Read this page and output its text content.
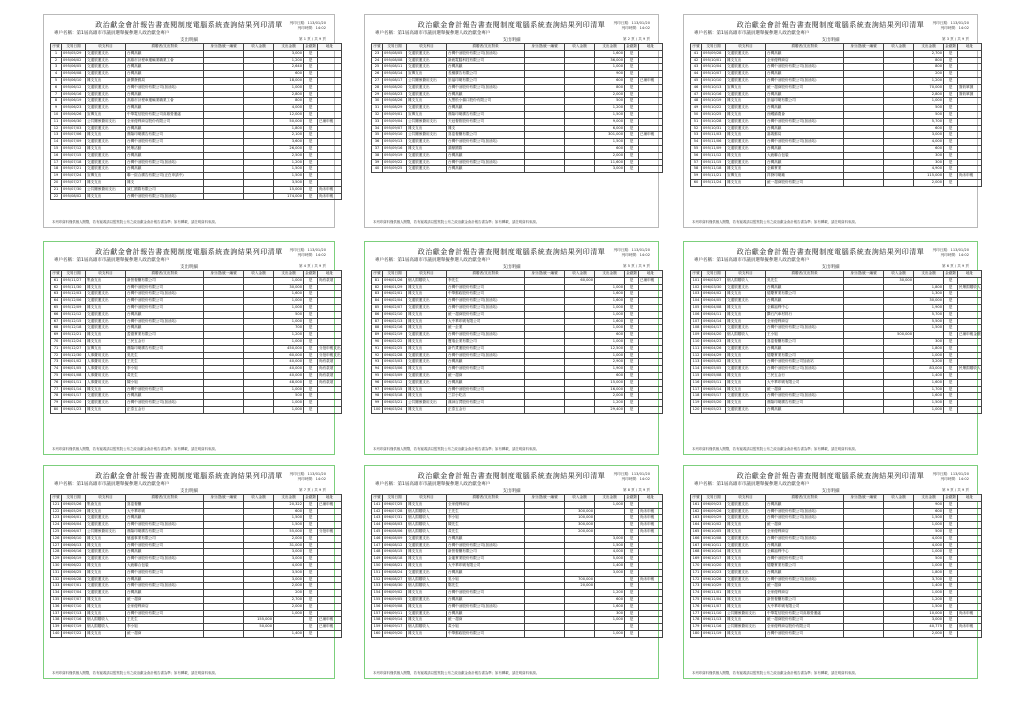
政治獻金會計報告書查閱制度電腦系統查詢結果列印清單
專戶名稱：第1屆高雄市市議員選舉擬參選人政治獻金專戶
支出明細
列印日期：113/01/20
列印時間：14:02
第 1 頁 / 共 9 頁
序號	交易日期	收支科目	捐贈者/支出對象	身分證/統一編號	收入金額	支出金額	金錢類	地址
1	095/05/29	交通旅運支出	台灣高鐵			3,000	是	
2	095/06/02	交通旅運支出	高雄市計程車運輸業職業工會			1,200	是	
3	095/06/05	交通旅運支出	台灣高鐵			2,640	是	
4	095/06/08	交通旅運支出	台灣高鐵			600	是	
5	095/06/10	雜支支出	新開發郵局			18,000	是	
6	095/06/12	交通旅運支出	台灣中油股份有限公司(加油站)			1,000	是	
7	095/06/16	交通旅運支出	台灣高鐵			2,800	是	
8	095/06/19	交通旅運支出	高雄市計程車運輸業職業工會			800	是	
9	095/06/23	交通旅運支出	台灣高鐵			4,000	是	
10	095/06/26	宣傳支出	中華電信股份有限公司高雄營運處			12,000	是	
11	095/06/30	公共關係費用支出	全家便利商店股份有限公司			50,000	是	已補申報
12	095/07/03	交通旅運支出	台灣高鐵			1,800	是	
13	095/07/06	雜支支出	鼎隆印刷廣告有限公司			2,100	是	
14	095/07/09	交通旅運支出	台灣中油股份有限公司			3,600	是	
15	095/07/12	雜支支出	民眾活動			26,000	是	
16	095/07/15	交通旅運支出	台灣高鐵			2,500	是	
17	095/07/18	交通旅運支出	台灣中油股份有限公司(加油站)			1,200	是	
18	095/07/21	交通旅運支出	台灣高鐵			1,500	是	
19	095/07/24	宣傳支出	聯一綜合廣告有限公司(正在申請中)			1,500	是	
20	095/07/27	雜支支出	雜支			3,500	是	
21	095/07/30	公共關係費用支出	誠仁國際有限公司			15,000	是	尚未申報
22	095/08/02	雜支支出	台灣中油股份有限公司(加油站)			174,000	是	尚未申報
本列印資料僅供個人閱覽，若有疑義請以監察院公布之政治獻金會計報告書為準；如有轉載，請註明資料來源。
政治獻金會計報告書查閱制度電腦系統查詢結果列印清單
專戶名稱：第1屆高雄市市議員選舉擬參選人政治獻金專戶
支出明細
列印日期：113/01/20
列印時間：14:02
第 2 頁 / 共 9 頁
序號	交易日期	收支科目	捐贈者/支出對象	身分證/統一編號	收入金額	支出金額	金錢類	地址
23	095/08/05	交通旅運支出	台灣中油股份有限公司(加油站)			1,600	是	
24	095/08/08	交通旅運支出	新統電腦科技有限公司			36,000	是	
25	095/08/11	交通旅運支出	台灣高鐵			1,000	是	
26	095/08/14	宣傳支出	長穗廣告有限公司			900	是	
27	095/08/17	公共關係費用支出	崇福印刷有限公司			600	是	已補申報
28	095/08/20	交通旅運支出	台灣中油股份有限公司(加油站)			800	是	
29	095/08/23	交通旅運支出	台灣高鐵			2,000	是	
30	095/08/26	雜支支出	大黑松小倆口股份有限公司			500	是	
31	095/08/29	交通旅運支出	台灣高鐵			1,200	是	
32	095/09/01	宣傳支出	鼎隆印刷廣告有限公司			1,500	是	
33	095/09/04	公共關係費用支出	天冠餐飲股份有限公司			9,000	是	
34	095/09/07	雜支支出	雜支			6,000	是	
35	095/09/10	公共關係費用支出	喜宴餐廳有限公司			301,000	是	已補申報
36	095/09/13	交通旅運支出	台灣中油股份有限公司(加油站)			1,500	是	
37	095/09/16	雜支支出	鴻鼎國際			600	是	
38	095/09/19	交通旅運支出	台灣高鐵			2,000	是	
39	095/09/22	交通旅運支出	台灣中油股份有限公司(加油站)			11,600	是	
40	095/09/25	交通旅運支出	台灣高鐵			3,000	是	
本列印資料僅供個人閱覽，若有疑義請以監察院公布之政治獻金會計報告書為準；如有轉載，請註明資料來源。
政治獻金會計報告書查閱制度電腦系統查詢結果列印清單
專戶名稱：第1屆高雄市市議員選舉擬參選人政治獻金專戶
支出明細
列印日期：113/01/20
列印時間：14:02
第 3 頁 / 共 9 頁
序號	交易日期	收支科目	捐贈者/支出對象	身分證/統一編號	收入金額	支出金額	金錢類	地址
41	095/09/28	交通旅運支出	台灣高鐵			2,700	是	
42	095/10/01	雜支支出	全家便利商店			800	是	
43	095/10/04	交通旅運支出	台灣中油股份有限公司(加油站)			800	是	
44	095/10/07	交通旅運支出	台灣高鐵			200	是	
45	095/10/10	交通旅運支出	台灣中油股份有限公司(加油站)			1,200	是	
46	095/10/13	宣傳支出	統一超商股份有限公司			70,000	是	簽收單據
47	095/10/16	交通旅運支出	台灣高鐵			2,800	是	簽收單據
48	095/10/19	雜支支出	崇福印刷有限公司			1,000	是	
49	095/10/22	交通旅運支出	台灣高鐵			500	是	
50	095/10/25	雜支支出	西螺鎮農會			500	是	
51	095/10/28	交通旅運支出	台灣中油股份有限公司(加油站)			5,700	是	
52	095/10/31	交通旅運支出	台灣高鐵			600	是	
53	095/11/03	雜支支出	嘉義郵局			3,000	是	
54	095/11/06	交通旅運支出	台灣中油股份有限公司(加油站)			4,000	是	
55	095/11/09	交通旅運支出	台灣高鐵			600	是	
56	095/11/12	雜支支出	大統聯合包裝			300	是	
57	095/11/15	交通旅運支出	台灣高鐵			300	是	
58	095/11/18	雜支支出	全聯實業			4,900	是	
59	095/11/21	宣傳支出	祥發印刷廠			115,000	是	尚未申報
60	095/11/24	雜支支出	統一超商股份有限公司			2,000	是	
本列印資料僅供個人閱覽，若有疑義請以監察院公布之政治獻金會計報告書為準；如有轉載，請註明資料來源。
政治獻金會計報告書查閱制度電腦系統查詢結果列印清單
專戶名稱：第1屆高雄市市議員選舉擬參選人政治獻金專戶
支出明細
列印日期：113/01/20
列印時間：14:02
第 4 頁 / 共 9 頁
序號	交易日期	收支科目	捐贈者/支出對象	身分證/統一編號	收入金額	支出金額	金錢類	地址
61	095/11/27	集會支出	新營餐廳有限公司			1,000	是	尚有款項
62	095/11/30	雜支支出	台灣中油股份有限公司			30,000	是	
63	095/12/03	交通旅運支出	台灣中油股份有限公司(加油站)			1,600	是	
64	095/12/06	交通旅運支出	台灣中油股份有限公司			1,000	是	
65	095/12/09	雜支支出	台灣中油股份有限公司			1,000	是	
66	095/12/12	交通旅運支出	台灣高鐵			500	是	
67	095/12/15	交通旅運支出	台灣中油股份有限公司(加油站)			1,000	是	
68	095/12/18	交通旅運支出	台灣高鐵			700	是	
69	095/12/21	雜支支出	盈德實業有限公司			1,200	是	
70	095/12/24	雜支支出	三民五金行			1,000	是	
71	095/12/27	宣傳支出	鼎隆印刷廣告有限公司			450,000	是	分批申報支出
72	095/12/30	人事費用支出	吳先生			60,000	是	分批申報支出
73	096/01/02	人事費用支出	王先生			40,000	是	尚有款項
74	096/01/05	人事費用支出	李小姐			40,000	是	尚有款項
75	096/01/08	人事費用支出	黃先生			40,000	是	尚有款項
76	096/01/11	人事費用支出	陳小姐			48,000	是	尚有款項
77	096/01/14	雜支支出	台灣中油股份有限公司			1,000	是	
78	096/01/17	交通旅運支出	台灣高鐵			500	是	
79	096/01/20	交通旅運支出	台灣中油股份有限公司(加油站)			1,000	是	
80	096/01/23	雜支支出	正泰五金行			1,000	是	
本列印資料僅供個人閱覽，若有疑義請以監察院公布之政治獻金會計報告書為準；如有轉載，請註明資料來源。
政治獻金會計報告書查閱制度電腦系統查詢結果列印清單
專戶名稱：第1屆高雄市市議員選舉擬參選人政治獻金專戶
支出明細
列印日期：113/01/20
列印時間：14:02
第 5 頁 / 共 9 頁
序號	交易日期	收支科目	捐贈者/支出對象	身分證/統一編號	收入金額	支出金額	金錢類	地址
81	096/01/26	個人捐贈收入	李先生		60,000		是	已補申報
82	096/01/29	雜支支出	台灣中油股份有限公司			1,000	是	
83	096/02/01	雜支支出	中華郵政股份有限公司			1,600	是	
84	096/02/04	交通旅運支出	台灣中油股份有限公司(加油站)			1,600	是	
85	096/02/07	交通旅運支出	台灣中油股份有限公司(加油站)			1,000	是	
86	096/02/10	雜支支出	統一超商股份有限公司			1,000	是	
87	096/02/13	雜支支出	大中華印刷有限公司			1,600	是	
88	096/02/16	雜支支出	統一企業			1,000	是	
89	096/02/19	交通旅運支出	台灣中油股份有限公司(加油站)			600	是	
90	096/02/22	雜支支出	寶瑞企業有限公司			1,000	是	
91	096/02/25	雜支支出	新竹貨運股份有限公司			12,500	是	
92	096/02/28	交通旅運支出	台灣中油股份有限公司(加油站)			1,000	是	
93	096/03/03	交通旅運支出	台灣高鐵			2,900	是	
94	096/03/06	雜支支出	台灣中油股份有限公司			1,900	是	
95	096/03/09	交通旅運支出	統一超商			600	是	
96	096/03/12	交通旅運支出	台灣高鐵			15,000	是	
97	096/03/15	雜支支出	台灣中油股份有限公司			16,000	是	
98	096/03/18	雜支支出	三井小吃店			2,000	是	
99	096/03/21	公共關係費用支出	漢神百貨股份有限公司			1,200	是	
100	096/03/24	雜支支出	正泰五金行			29,400	是	
本列印資料僅供個人閱覽，若有疑義請以監察院公布之政治獻金會計報告書為準；如有轉載，請註明資料來源。
政治獻金會計報告書查閱制度電腦系統查詢結果列印清單
專戶名稱：第1屆高雄市市議員選舉擬參選人政治獻金專戶
支出明細
列印日期：113/01/20
列印時間：14:02
第 6 頁 / 共 9 頁
序號	交易日期	收支科目	捐贈者/支出對象	身分證/統一編號	收入金額	支出金額	金錢類	地址
101	096/03/27	個人捐贈收入	吳先生		30,000		是	
102	096/03/30	交通旅運支出	台灣高鐵			1,800	是	民眾捐贈收入
103	096/04/02	雜支支出	德慶實業有限公司			1,300	是	
104	096/04/05	交通旅運支出	台灣高鐵			30,000	是	
105	096/04/08	雜支支出	全聯福利中心			1,900	是	
106	096/04/11	雜支支出	鑽石汽車材料行			5,700	是	
107	096/04/14	雜支支出	全家便利商店			5,500	是	
108	096/04/17	交通旅運支出	台灣中油股份有限公司(加油站)			1,500	是	
109	096/04/20	個人捐贈收入	王小姐		500,000		是	已補申報金額
110	096/04/23	雜支支出	喜宴餐廳有限公司			300	是	
111	096/04/26	交通旅運支出	台灣高鐵			1,800	是	
112	096/04/29	雜支支出	德慶實業有限公司			1,000	是	
113	096/05/02	雜支支出	台灣中油股份有限公司加油站			3,200	是	
114	096/05/05	交通旅運支出	台灣中油股份有限公司(加油站)			83,000	是	民眾捐贈收入
115	096/05/08	雜支支出	三民五金行			1,400	是	
116	096/05/11	雜支支出	大中華印刷有限公司			1,600	是	
117	096/05/14	雜支支出	統一超商			1,700	是	
118	096/05/17	交通旅運支出	台灣中油股份有限公司(加油站)			1,600	是	
119	096/05/20	雜支支出	鼎隆印刷廣告有限公司			1,500	是	
120	096/05/23	交通旅運支出	台灣高鐵			1,000	是	
本列印資料僅供個人閱覽，若有疑義請以監察院公布之政治獻金會計報告書為準；如有轉載，請註明資料來源。
政治獻金會計報告書查閱制度電腦系統查詢結果列印清單
專戶名稱：第1屆高雄市市議員選舉擬參選人政治獻金專戶
支出明細
列印日期：113/01/20
列印時間：14:02
第 7 頁 / 共 9 頁
序號	交易日期	收支科目	捐贈者/支出對象	身分證/統一編號	收入金額	支出金額	金錢類	地址
121	096/05/26	集會支出	喜宴餐廳			20,322	是	已補申報
122	096/05/29	雜支支出	大中華印刷			600	是	
123	096/06/01	交通旅運支出	台灣高鐵			1,500	是	
124	096/06/04	交通旅運支出	台灣中油股份有限公司(加油站)			1,500	是	
125	096/06/07	公共關係費用支出	鼎隆印刷廣告有限公司			55,000	是	分批申報
126	096/06/10	雜支支出	億盛事業有限公司			2,000	是	
127	096/06/13	雜支支出	台灣中油股份有限公司			31,000	是	
128	096/06/16	交通旅運支出	台灣高鐵			3,000	是	
129	096/06/19	交通旅運支出	台灣中油股份有限公司(加油站)			3,000	是	
130	096/06/22	雜支支出	大統聯合包裝			4,000	是	
131	096/06/25	雜支支出	台灣中油股份有限公司			3,500	是	
132	096/06/28	交通旅運支出	台灣高鐵			3,000	是	
133	096/07/01	交通旅運支出	台灣中油股份有限公司(加油站)			2,000	是	
134	096/07/04	交通旅運支出	台灣高鐵			200	是	
135	096/07/07	雜支支出	統一超商			2,700	是	
136	096/07/10	雜支支出	全家便利商店			2,000	是	
137	096/07/13	雜支支出	台灣中油股份有限公司			1,000	是	
138	096/07/16	個人捐贈收入	王先生		155,000		是	已補申報
139	096/07/19	個人捐贈收入	李小姐		50,000		是	已補申報
140	096/07/22	雜支支出	統一超商			1,400	是	
本列印資料僅供個人閱覽，若有疑義請以監察院公布之政治獻金會計報告書為準；如有轉載，請註明資料來源。
政治獻金會計報告書查閱制度電腦系統查詢結果列印清單
專戶名稱：第1屆高雄市市議員選舉擬參選人政治獻金專戶
支出明細
列印日期：113/01/20
列印時間：14:02
第 8 頁 / 共 9 頁
序號	交易日期	收支科目	捐贈者/支出對象	身分證/統一編號	收入金額	支出金額	金錢類	地址
141	096/07/25	雜支支出	全家便利商店			1,000	是	
142	096/07/28	個人捐贈收入	王先生		300,000		是	尚未申報
143	096/07/31	個人捐贈收入	李小姐		100,000		是	尚未申報
144	096/08/03	個人捐贈收入	陳先生		300,000		是	尚未申報
145	096/08/06	個人捐贈收入	黃先生		200,000		是	尚未申報
146	096/08/09	交通旅運支出	台灣高鐵			3,000	是	
147	096/08/12	交通旅運支出	台灣中油股份有限公司(加油站)			1,500	是	
148	096/08/15	雜支支出	新營餐廳有限公司			4,000	是	
149	096/08/18	雜支支出	金龍實業股份有限公司			5,000	是	
150	096/08/21	雜支支出	大中華印刷有限公司			1,400	是	
151	096/08/24	交通旅運支出	台灣高鐵			3,000	是	
152	096/08/27	個人捐贈收入	吳小姐		700,000		是	尚未申報
153	096/08/30	個人捐贈收入	鄭先生		20,000		是	
154	096/09/02	雜支支出	台灣中油股份有限公司			1,200	是	
155	096/09/05	交通旅運支出	台灣高鐵			600	是	
156	096/09/08	雜支支出	台灣中油股份有限公司(加油站)			1,600	是	
157	096/09/11	交通旅運支出	台灣高鐵			300	是	
158	096/09/14	雜支支出	統一超商			1,000	是	
159	096/09/17	個人捐贈收入	黃小姐				是	
160	096/09/20	雜支支出	中華郵政股份有限公司			1,000	是	
本列印資料僅供個人閱覽，若有疑義請以監察院公布之政治獻金會計報告書為準；如有轉載，請註明資料來源。
政治獻金會計報告書查閱制度電腦系統查詢結果列印清單
專戶名稱：第1屆高雄市市議員選舉擬參選人政治獻金專戶
支出明細
列印日期：113/01/20
列印時間：14:02
第 9 頁 / 共 9 頁
序號	交易日期	收支科目	捐贈者/支出對象	身分證/統一編號	收入金額	支出金額	金錢類	地址
161	096/09/23	交通旅運支出	台灣高鐵			900	是	
162	096/09/26	交通旅運支出	台灣中油股份有限公司(加油站)			600	是	
163	096/09/29	交通旅運支出	台灣中油股份有限公司(加油站)			1,500	是	
164	096/10/02	雜支支出	統一超商			1,000	是	
165	096/10/05	雜支支出	全家便利商店			500	是	
166	096/10/08	交通旅運支出	台灣中油股份有限公司(加油站)			4,000	是	
167	096/10/11	交通旅運支出	台灣高鐵			4,000	是	
168	096/10/14	雜支支出	全聯福利中心			1,000	是	
169	096/10/17	雜支支出	台灣中油股份有限公司			500	是	
170	096/10/20	雜支支出	德慶實業有限公司			1,000	是	
171	096/10/23	交通旅運支出	台灣高鐵			1,800	是	
172	096/10/26	交通旅運支出	台灣中油股份有限公司(加油站)			3,700	是	
173	096/10/29	雜支支出	統一超商			1,400	是	
174	096/11/01	雜支支出	全家便利商店			1,000	是	
175	096/11/04	雜支支出	新營餐廳有限公司			1,200	是	
176	096/11/07	雜支支出	大中華印刷有限公司			1,500	是	
177	096/11/10	公共關係費用支出	中華電信股份有限公司高雄營運處			10,000	是	尚未申報
178	096/11/13	雜支支出	統一超商股份有限公司			3,000	是	
179	096/11/16	公共關係費用支出	全家便利商店股份有限公司			40,775	是	尚未申報
180	096/11/19	雜支支出	台灣中油股份有限公司			2,000	是	
本列印資料僅供個人閱覽，若有疑義請以監察院公布之政治獻金會計報告書為準；如有轉載，請註明資料來源。
